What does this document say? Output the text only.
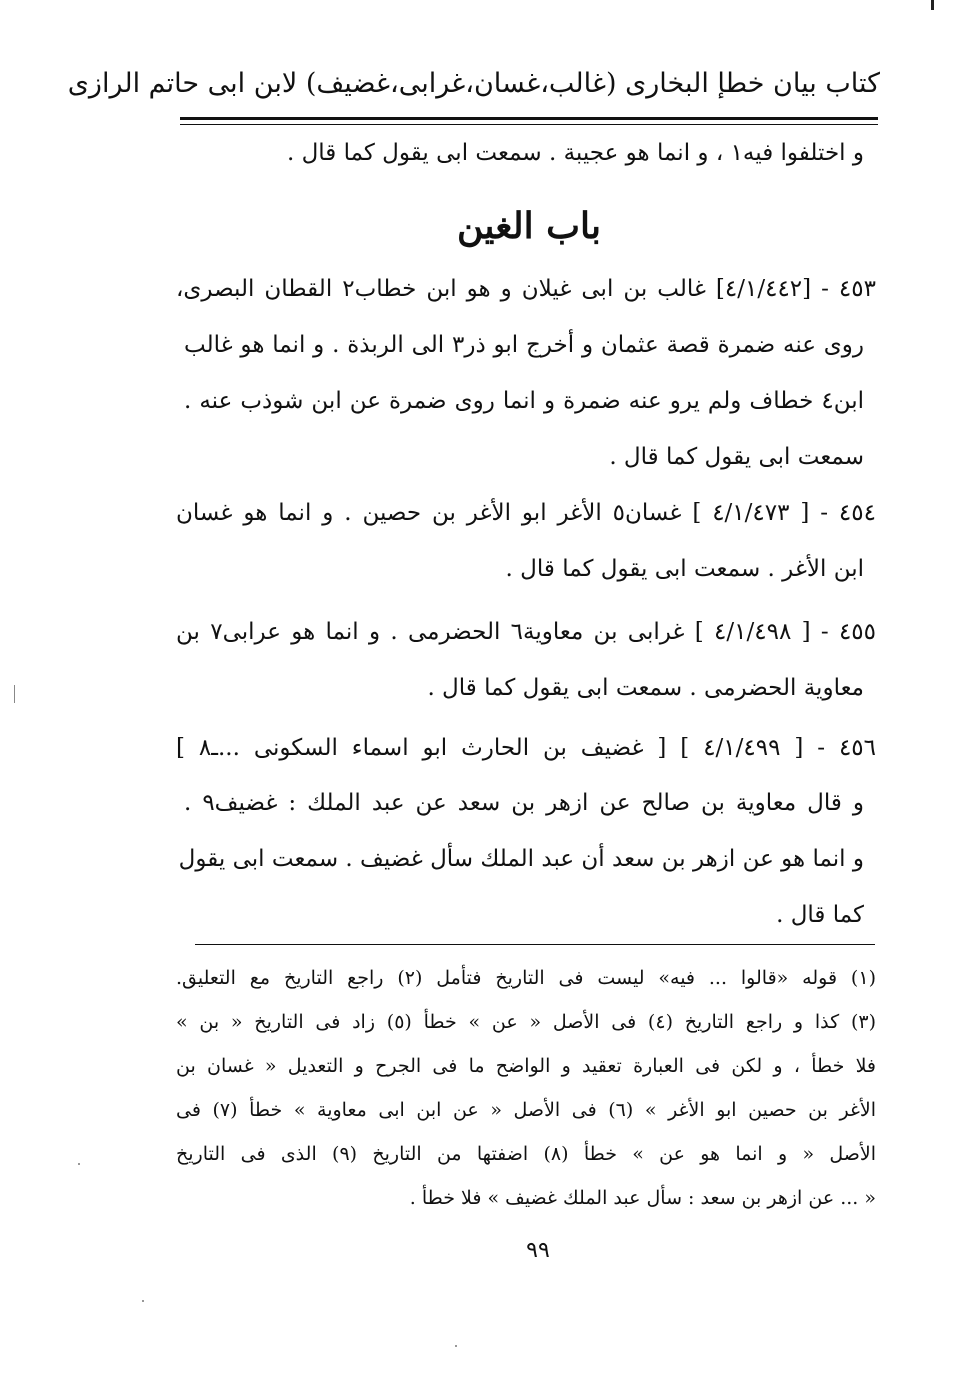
كتاب بيان خطإ البخارى (غالب،غسان،غرابى،غضيف) لابن ابى حاتم الرازى
و اختلفوا فيه١ ، و انما هو عجيبة . سمعت ابى يقول كما قال .
باب الغين
٤٥٣ - [٤/١/٤٤٢] غالب بن ابى غيلان و هو ابن خطاب٢ القطان البصرى،
روى عنه ضمرة قصة عثمان و أخرج ابو ذر٣ الى الربذة . و انما هو غالب
ابن٤ خطاف ولم يرو عنه ضمرة و انما روى ضمرة عن ابن شوذب عنه .
سمعت ابى يقول كما قال .
٤٥٤ - [ ٤/١/٤٧٣ ] غسان٥ الأغر ابو الأغر بن حصين . و انما هو غسان
ابن الأغر . سمعت ابى يقول كما قال .
٤٥٥ - [ ٤/١/٤٩٨ ] غرابى بن معاوية٦ الحضرمى . و انما هو عرابى٧ بن
معاوية الحضرمى . سمعت ابى يقول كما قال .
٤٥٦ - [ ٤/١/٤٩٩ ] [ غضيف بن الحارث ابو اسماء السكونى ...ـ٨ ]
و قال معاوية بن صالح عن ازهر بن سعد عن عبد الملك : غضيف٩ .
و انما هو عن ازهر بن سعد أن عبد الملك سأل غضيف . سمعت ابى يقول
كما قال .
(١) قوله «قالوا ... فيه» ليست فى التاريخ فتأمل (٢) راجع التاريخ مع التعليق.
(٣) كذا و راجع التاريخ (٤) فى الأصل « عن » خطأ (٥) زاد فى التاريخ « بن »
فلا خطأ ، و لكن فى العبارة تعقيد و الواضح ما فى الجرح و التعديل « غسان بن
الأغر بن حصين ابو الأغر » (٦) فى الأصل « عن ابن ابى معاوية » خطأ (٧) فى
الأصل « و انما هو عن » خطأ (٨) اضفتها من التاريخ (٩) الذى فى التاريخ
« ... عن ازهر بن سعد : سأل عبد الملك غضيف » فلا خطأ .
٩٩
